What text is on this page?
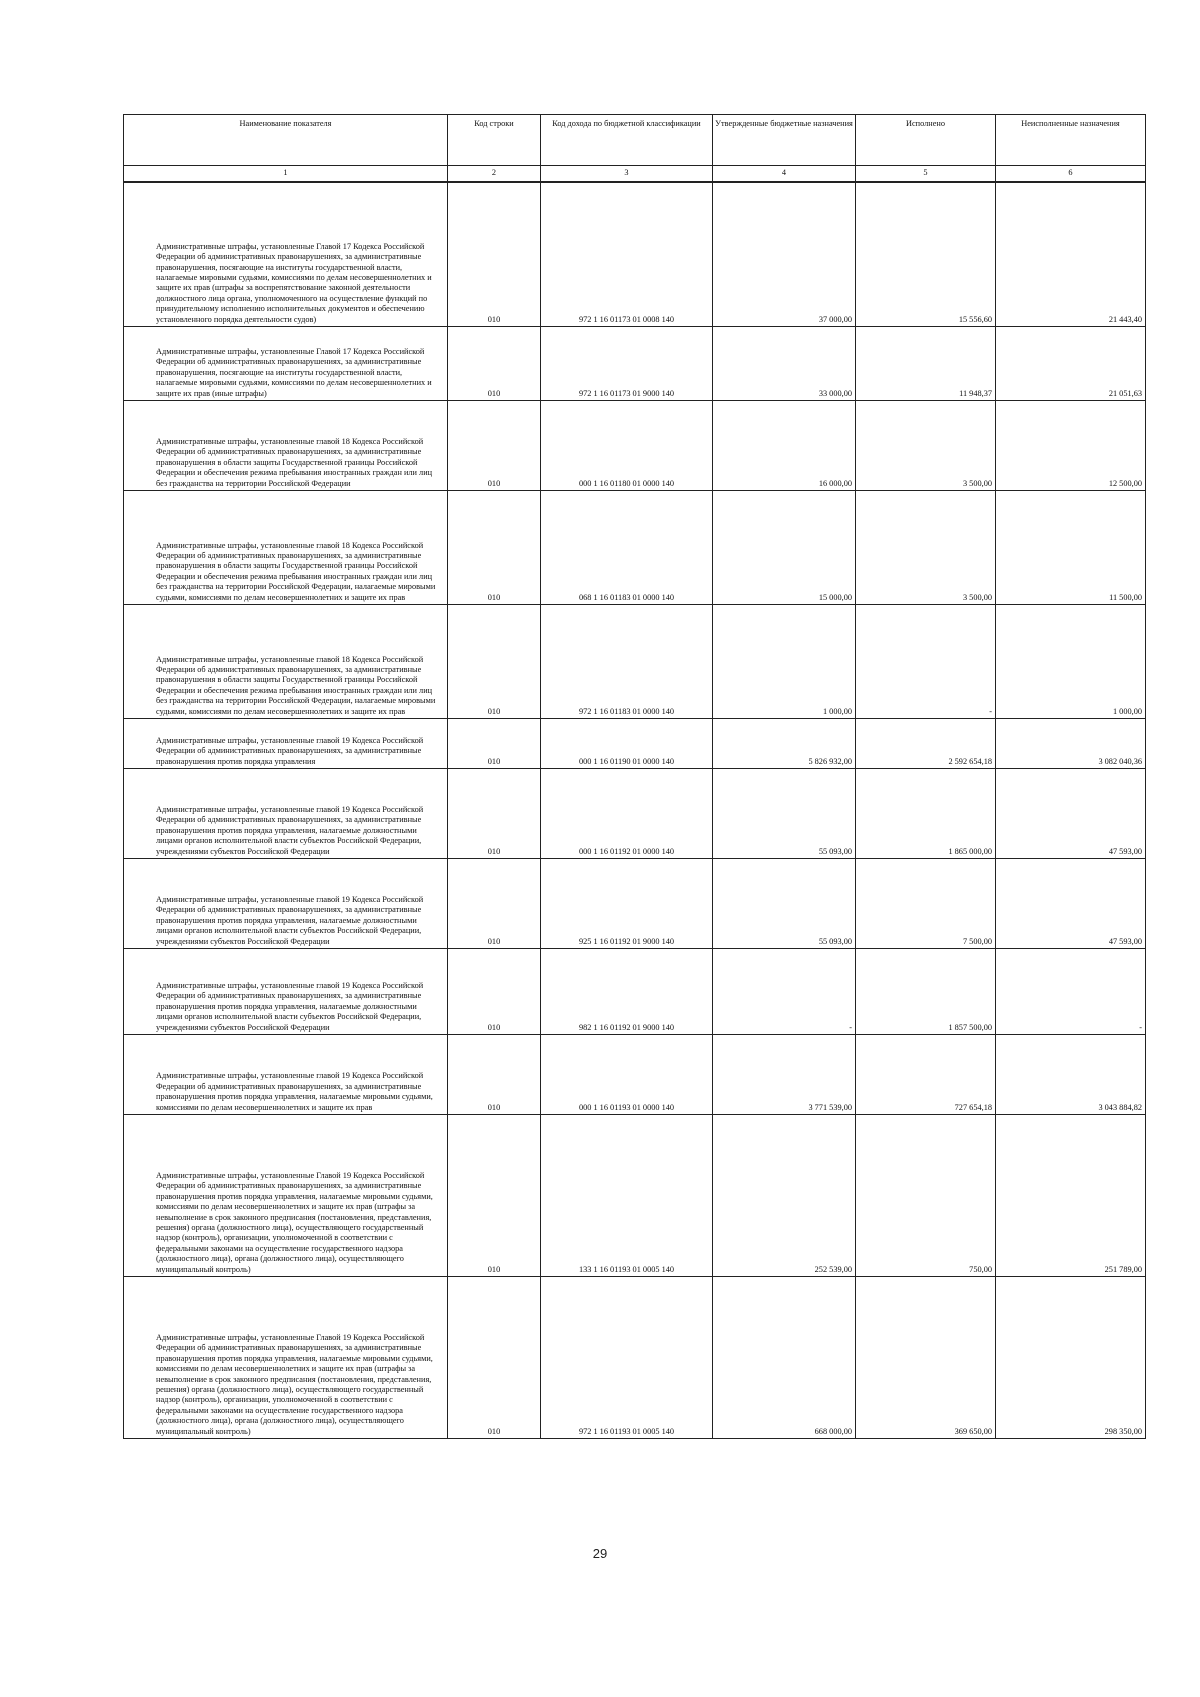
Наименование показателя	Код строки	Код дохода по бюджетной классификации	Утвержденные бюджетные назначения	Исполнено	Неисполненные назначения
1	2	3	4	5	6
Административные штрафы, установленные Главой 17 Кодекса Российской Федерации об административных правонарушениях, за административные правонарушения, посягающие на институты государственной власти, налагаемые мировыми судьями, комиссиями по делам несовершеннолетних и защите их прав (штрафы за воспрепятствование законной деятельности должностного лица органа, уполномоченного на осуществление функций по принудительному исполнению исполнительных документов и обеспечению установленного порядка деятельности судов)	010	972 1 16 01173 01 0008 140	37 000,00	15 556,60	21 443,40
Административные штрафы, установленные Главой 17 Кодекса Российской Федерации об административных правонарушениях, за административные правонарушения, посягающие на институты государственной власти, налагаемые мировыми судьями, комиссиями по делам несовершеннолетних и защите их прав (иные штрафы)	010	972 1 16 01173 01 9000 140	33 000,00	11 948,37	21 051,63
Административные штрафы, установленные главой 18 Кодекса Российской Федерации об административных правонарушениях, за административные правонарушения в области защиты Государственной границы Российской Федерации и обеспечения режима пребывания иностранных граждан или лиц без гражданства на территории Российской Федерации	010	000 1 16 01180 01 0000 140	16 000,00	3 500,00	12 500,00
Административные штрафы, установленные главой 18 Кодекса Российской Федерации об административных правонарушениях, за административные правонарушения в области защиты Государственной границы Российской Федерации и обеспечения режима пребывания иностранных граждан или лиц без гражданства на территории Российской Федерации, налагаемые мировыми судьями, комиссиями по делам несовершеннолетних и защите их прав	010	068 1 16 01183 01 0000 140	15 000,00	3 500,00	11 500,00
Административные штрафы, установленные главой 18 Кодекса Российской Федерации об административных правонарушениях, за административные правонарушения в области защиты Государственной границы Российской Федерации и обеспечения режима пребывания иностранных граждан или лиц без гражданства на территории Российской Федерации, налагаемые мировыми судьями, комиссиями по делам несовершеннолетних и защите их прав	010	972 1 16 01183 01 0000 140	1 000,00	-	1 000,00
Административные штрафы, установленные главой 19 Кодекса Российской Федерации об административных правонарушениях, за административные правонарушения против порядка управления	010	000 1 16 01190 01 0000 140	5 826 932,00	2 592 654,18	3 082 040,36
Административные штрафы, установленные главой 19 Кодекса Российской Федерации об административных правонарушениях, за административные правонарушения против порядка управления, налагаемые должностными лицами органов исполнительной власти субъектов Российской Федерации, учреждениями субъектов Российской Федерации	010	000 1 16 01192 01 0000 140	55 093,00	1 865 000,00	47 593,00
Административные штрафы, установленные главой 19 Кодекса Российской Федерации об административных правонарушениях, за административные правонарушения против порядка управления, налагаемые должностными лицами органов исполнительной власти субъектов Российской Федерации, учреждениями субъектов Российской Федерации	010	925 1 16 01192 01 9000 140	55 093,00	7 500,00	47 593,00
Административные штрафы, установленные главой 19 Кодекса Российской Федерации об административных правонарушениях, за административные правонарушения против порядка управления, налагаемые должностными лицами органов исполнительной власти субъектов Российской Федерации, учреждениями субъектов Российской Федерации	010	982 1 16 01192 01 9000 140	-	1 857 500,00	-
Административные штрафы, установленные главой 19 Кодекса Российской Федерации об административных правонарушениях, за административные правонарушения против порядка управления, налагаемые мировыми судьями, комиссиями по делам несовершеннолетних и защите их прав	010	000 1 16 01193 01 0000 140	3 771 539,00	727 654,18	3 043 884,82
Административные штрафы, установленные Главой 19 Кодекса Российской Федерации об административных правонарушениях, за административные правонарушения против порядка управления, налагаемые мировыми судьями, комиссиями по делам несовершеннолетних и защите их прав (штрафы за невыполнение в срок законного предписания (постановления, представления, решения) органа (должностного лица), осуществляющего государственный надзор (контроль), организации, уполномоченной в соответствии с федеральными законами на осуществление государственного надзора (должностного лица), органа (должностного лица), осуществляющего муниципальный контроль)	010	133 1 16 01193 01 0005 140	252 539,00	750,00	251 789,00
Административные штрафы, установленные Главой 19 Кодекса Российской Федерации об административных правонарушениях, за административные правонарушения против порядка управления, налагаемые мировыми судьями, комиссиями по делам несовершеннолетних и защите их прав (штрафы за невыполнение в срок законного предписания (постановления, представления, решения) органа (должностного лица), осуществляющего государственный надзор (контроль), организации, уполномоченной в соответствии с федеральными законами на осуществление государственного надзора (должностного лица), органа (должностного лица), осуществляющего муниципальный контроль)	010	972 1 16 01193 01 0005 140	668 000,00	369 650,00	298 350,00
29
